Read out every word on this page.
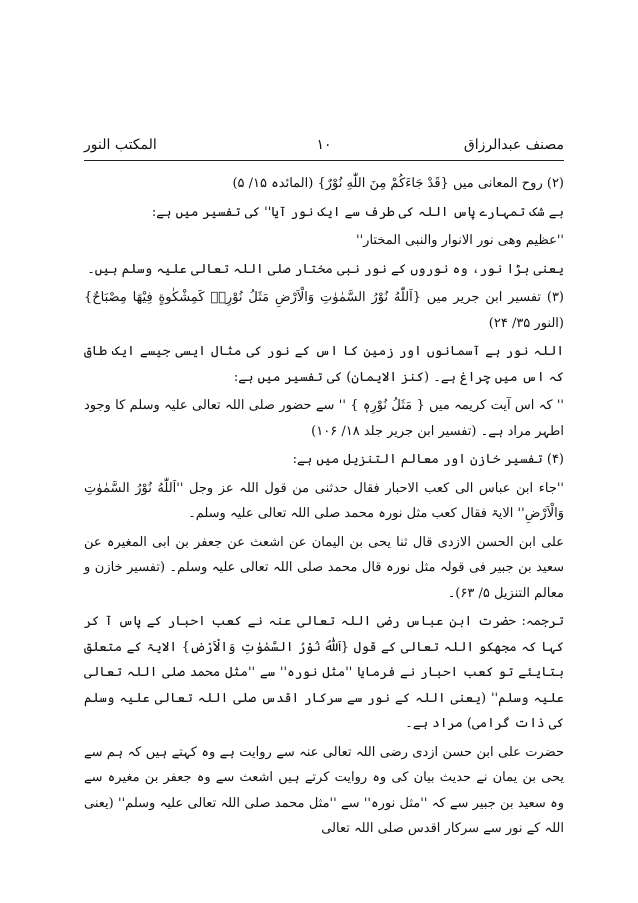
مصنف عبدالرزاق
۱۰
المکتب النور

(۲) روح المعانی میں {قَدْ جَاءَكُمْ مِنَ اللّٰهِ نُوْرٌ} (المائدہ ۱۵/ ۵)

بے شک تمہارے پاس اللہ کی طرف سے ایک نور آیا'' کی تفسیر میں ہے:

''عظیم وھی نور الانوار والنبی المختار''

یعنی بڑا نور، وہ نوروں کے نور نبی مختار صلی اللہ تعالی علیہ وسلم ہیں۔

(۳) تفسیر ابن جریر میں {اَللّٰهُ نُوْرُ السَّمٰوٰتِ وَالْاَرْضِ مَثَلُ نُوْرِهٖ كَمِشْكٰوةٍ فِيْهَا مِصْبَاحٌ} (النور ۳۵/ ۲۴)

اللہ نور ہے آسمانوں اور زمین کا اس کے نور کی مثال ایسی جیسے ایک طاق کہ اس میں چراغ ہے۔ (کنز الایمان) کی تفسیر میں ہے:

'' کہ اس آیت کریمہ میں { مَثَلُ نُوْرِهٖ } '' سے حضور صلی اللہ تعالی علیہ وسلم کا وجود اطہر مراد ہے۔ (تفسیر ابن جریر جلد ۱۸/ ۱۰۶)

(۴) تفسیر خازن اور معالم التنزیل میں ہے:

''جاء ابن عباس الی کعب الاحبار فقال حدثنی من قول اللہ عز وجل ''اَللّٰهُ نُوْرُ السَّمٰوٰتِ وَالْاَرْضِ'' الایۃ فقال کعب مثل نورہ محمد صلی اللہ تعالی علیہ وسلم۔

علی ابن الحسن الازدی قال ثنا یحی بن الیمان عن اشعث عن جعفر بن ابی المغیرہ عن سعید بن جبیر فی قولہ مثل نورہ قال محمد صلی اللہ تعالی علیہ وسلم۔ (تفسیر خازن و معالم التنزیل ۵/ ۶۳)۔

ترجمہ: حضرت ابن عباس رضی اللہ تعالی عنہ نے کعب احبار کے پاس آ کر کہا کہ مجھکو اللہ تعالی کے قول {اَللّٰهُ نُوْرُ السَّمٰوٰتِ وَالْاَرْضِ} الایۃ کے متعلق بتایئے تو کعب احبار نے فرمایا ''مثل نورہ'' سے ''مثل محمد صلی اللہ تعالی علیہ وسلم'' (یعنی اللہ کے نور سے سرکار اقدس صلی اللہ تعالی علیہ وسلم کی ذات گرامی) مراد ہے۔

حضرت علی ابن حسن ازدی رضی اللہ تعالی عنہ سے روایت ہے وہ کہتے ہیں کہ ہم سے یحی بن یمان نے حدیث بیان کی وہ روایت کرتے ہیں اشعث سے وہ جعفر بن مغیرہ سے وہ سعید بن جبیر سے کہ ''مثل نورہ'' سے ''مثل محمد صلی اللہ تعالی علیہ وسلم'' (یعنی اللہ کے نور سے سرکار اقدس صلی اللہ تعالی
